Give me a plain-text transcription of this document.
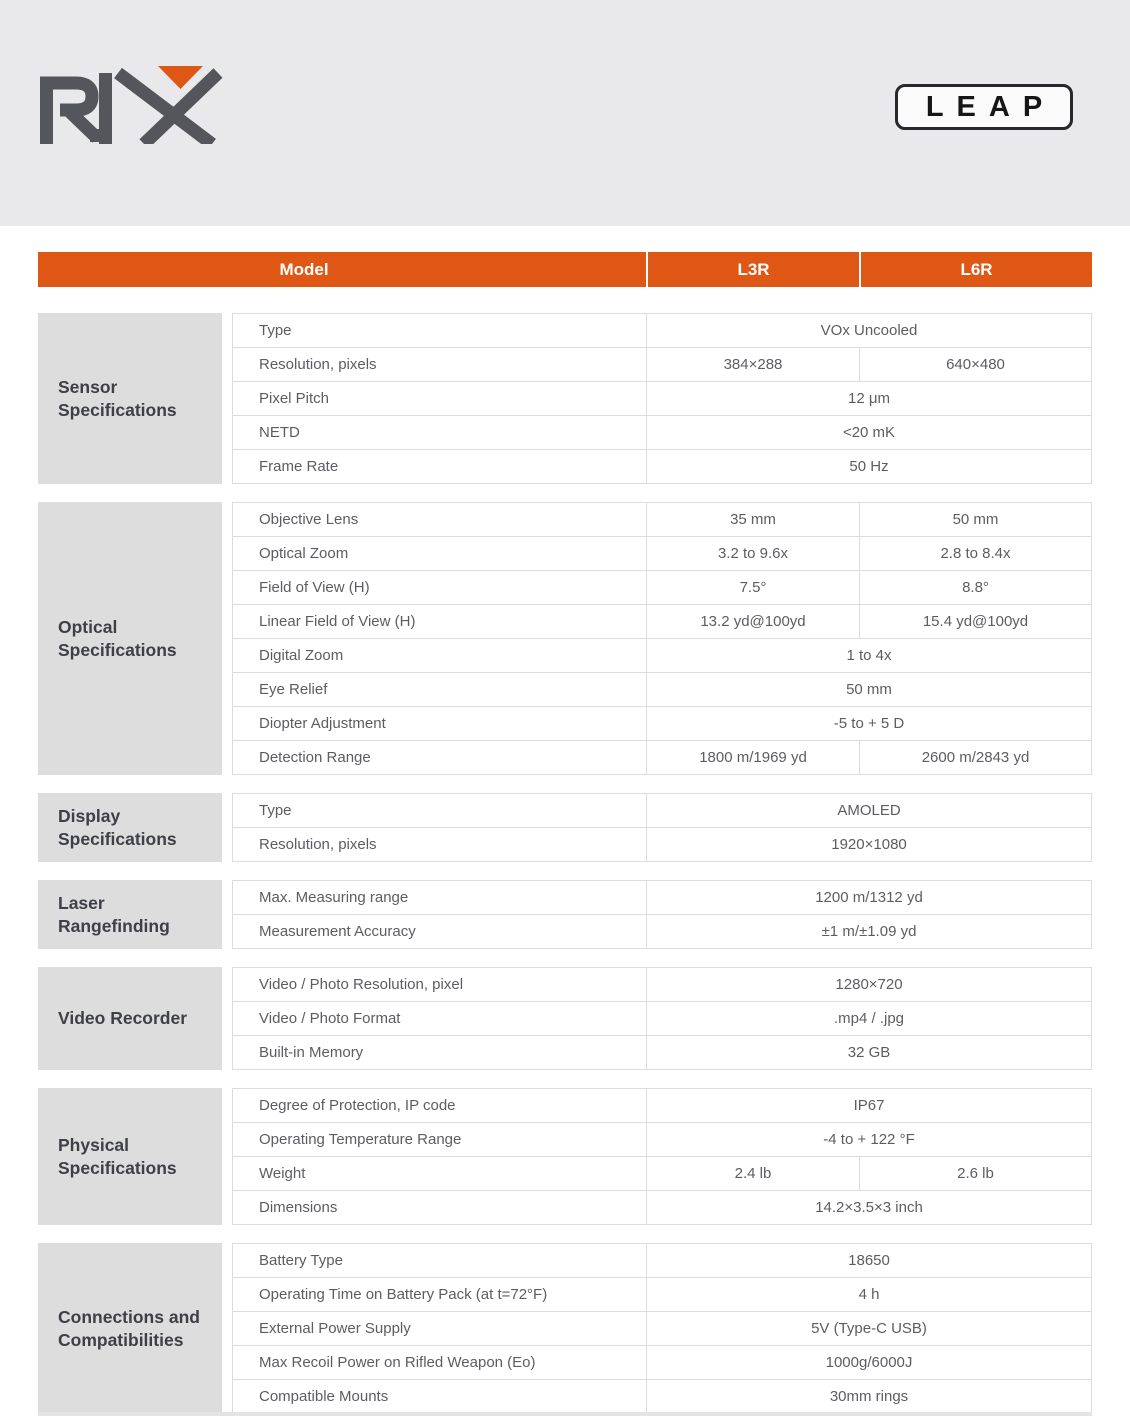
LEAP
Model	L3R	L6R
Sensor Specifications
Type	VOx Uncooled
Resolution, pixels	384×288	640×480
Pixel Pitch	12 μm
NETD	<20 mK
Frame Rate	50 Hz
Optical Specifications
Objective Lens	35 mm	50 mm
Optical Zoom	3.2 to 9.6x	2.8 to 8.4x
Field of View (H)	7.5°	8.8°
Linear Field of View (H)	13.2 yd@100yd	15.4 yd@100yd
Digital Zoom	1 to 4x
Eye Relief	50 mm
Diopter Adjustment	-5 to + 5 D
Detection Range	1800 m/1969 yd	2600 m/2843 yd
Display Specifications
Type	AMOLED
Resolution, pixels	1920×1080
Laser Rangefinding
Max. Measuring range	1200 m/1312 yd
Measurement Accuracy	±1 m/±1.09 yd
Video Recorder
Video / Photo Resolution, pixel	1280×720
Video / Photo Format	.mp4 / .jpg
Built-in Memory	32 GB
Physical Specifications
Degree of Protection, IP code	IP67
Operating Temperature Range	-4 to + 122 °F
Weight	2.4 lb	2.6 lb
Dimensions	14.2×3.5×3 inch
Connections and Compatibilities
Battery Type	18650
Operating Time on Battery Pack (at t=72°F)	4 h
External Power Supply	5V (Type-C USB)
Max Recoil Power on Rifled Weapon (Eo)	1000g/6000J
Compatible Mounts	30mm rings
